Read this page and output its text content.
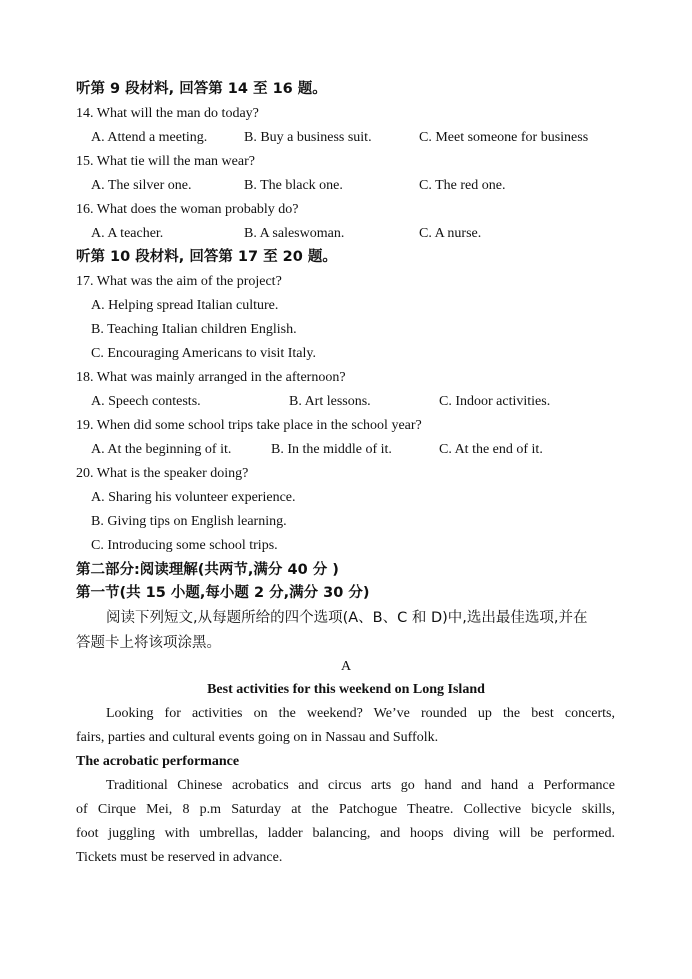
听第 9 段材料, 回答第 14 至 16 题。
14. What will the man do today?
A. Attend a meeting.	B. Buy a business suit.	C. Meet someone for business
15. What tie will the man wear?
A. The silver one.	B. The black one.	C. The red one.
16. What does the woman probably do?
A. A teacher.	B. A saleswoman.	C. A nurse.
听第 10 段材料, 回答第 17 至 20 题。
17. What was the aim of the project?
A. Helping spread Italian culture.
B. Teaching Italian children English.
C. Encouraging Americans to visit Italy.
18. What was mainly arranged in the afternoon?
A. Speech contests.	B. Art lessons.	C. Indoor activities.
19. When did some school trips take place in the school year?
A. At the beginning of it.	B. In the middle of it.	C. At the end of it.
20. What is the speaker doing?
A. Sharing his volunteer experience.
B. Giving tips on English learning.
C. Introducing some school trips.
第二部分:阅读理解(共两节,满分 40 分 )
第一节(共 15 小题,每小题 2 分,满分 30 分)
阅读下列短文,从每题所给的四个选项(A、B、C 和 D)中,选出最佳选项,并在
答题卡上将该项涂黑。
A
Best activities for this weekend on Long Island
Looking for activities on the weekend? We’ve rounded up the best concerts,
fairs, parties and cultural events going on in Nassau and Suffolk.
The acrobatic performance
Traditional Chinese acrobatics and circus arts go hand and hand a Performance
of Cirque Mei, 8 p.m Saturday at the Patchogue Theatre. Collective bicycle skills,
foot juggling with umbrellas, ladder balancing, and hoops diving will be performed.
Tickets must be reserved in advance.
